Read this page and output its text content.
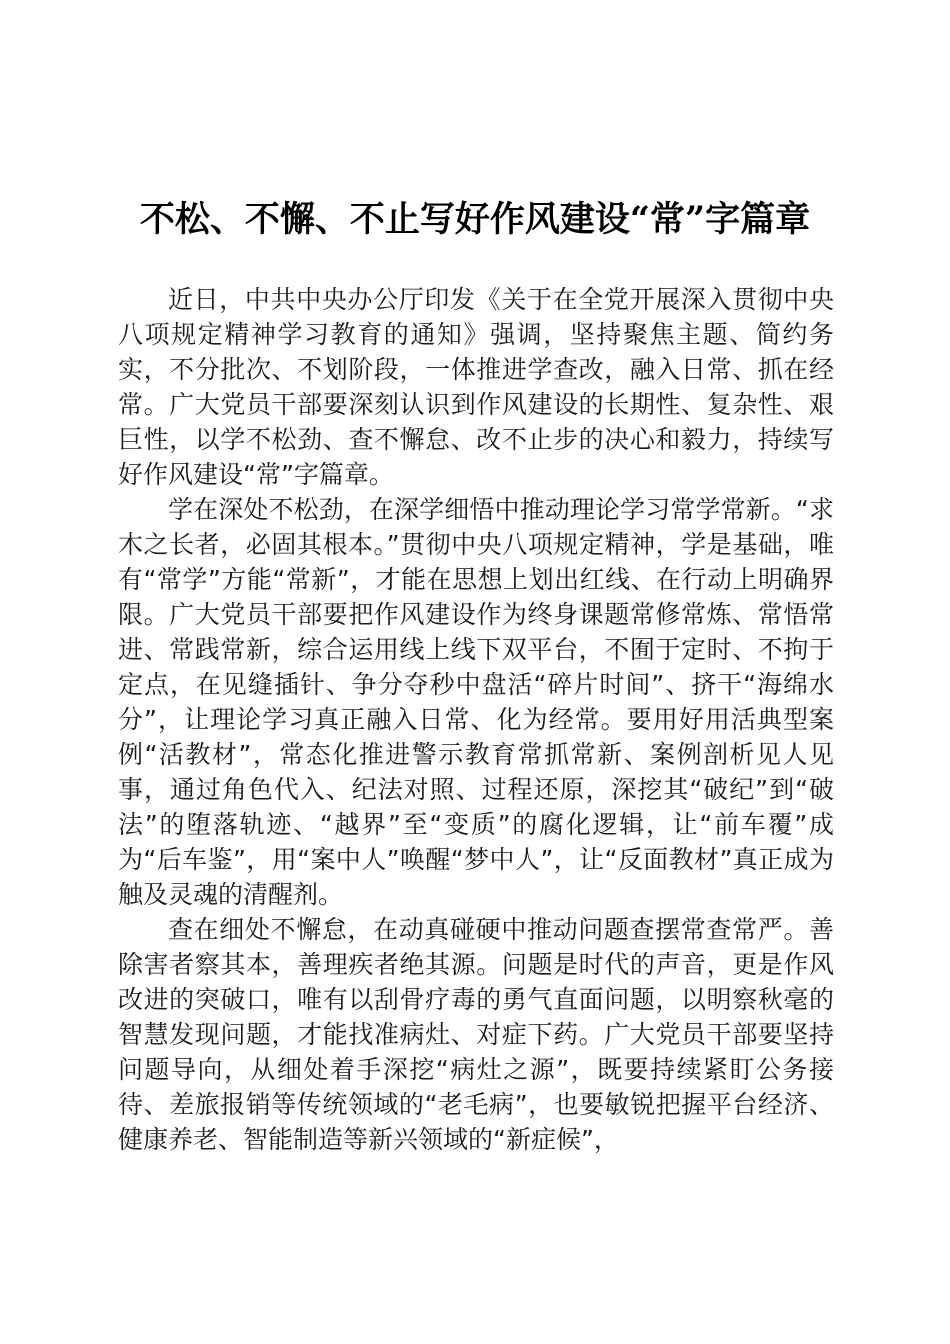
不松、不懈、不止写好作风建设“常”字篇章

近日，中共中央办公厅印发《关于在全党开展深入贯彻中央八项规定精神学习教育的通知》强调，坚持聚焦主题、简约务实，不分批次、不划阶段，一体推进学查改，融入日常、抓在经常。广大党员干部要深刻认识到作风建设的长期性、复杂性、艰巨性，以学不松劲、查不懈怠、改不止步的决心和毅力，持续写好作风建设“常”字篇章。

学在深处不松劲，在深学细悟中推动理论学习常学常新。“求木之长者，必固其根本。”贯彻中央八项规定精神，学是基础，唯有“常学”方能“常新”，才能在思想上划出红线、在行动上明确界限。广大党员干部要把作风建设作为终身课题常修常炼、常悟常进、常践常新，综合运用线上线下双平台，不囿于定时、不拘于定点，在见缝插针、争分夺秒中盘活“碎片时间”、挤干“海绵水分”，让理论学习真正融入日常、化为经常。要用好用活典型案例“活教材”，常态化推进警示教育常抓常新、案例剖析见人见事，通过角色代入、纪法对照、过程还原，深挖其“破纪”到“破法”的堕落轨迹、“越界”至“变质”的腐化逻辑，让“前车覆”成为“后车鉴”，用“案中人”唤醒“梦中人”，让“反面教材”真正成为触及灵魂的清醒剂。

查在细处不懈怠，在动真碰硬中推动问题查摆常查常严。善除害者察其本，善理疾者绝其源。问题是时代的声音，更是作风改进的突破口，唯有以刮骨疗毒的勇气直面问题，以明察秋毫的智慧发现问题，才能找准病灶、对症下药。广大党员干部要坚持问题导向，从细处着手深挖“病灶之源”，既要持续紧盯公务接待、差旅报销等传统领域的“老毛病”，也要敏锐把握平台经济、健康养老、智能制造等新兴领域的“新症候”，
